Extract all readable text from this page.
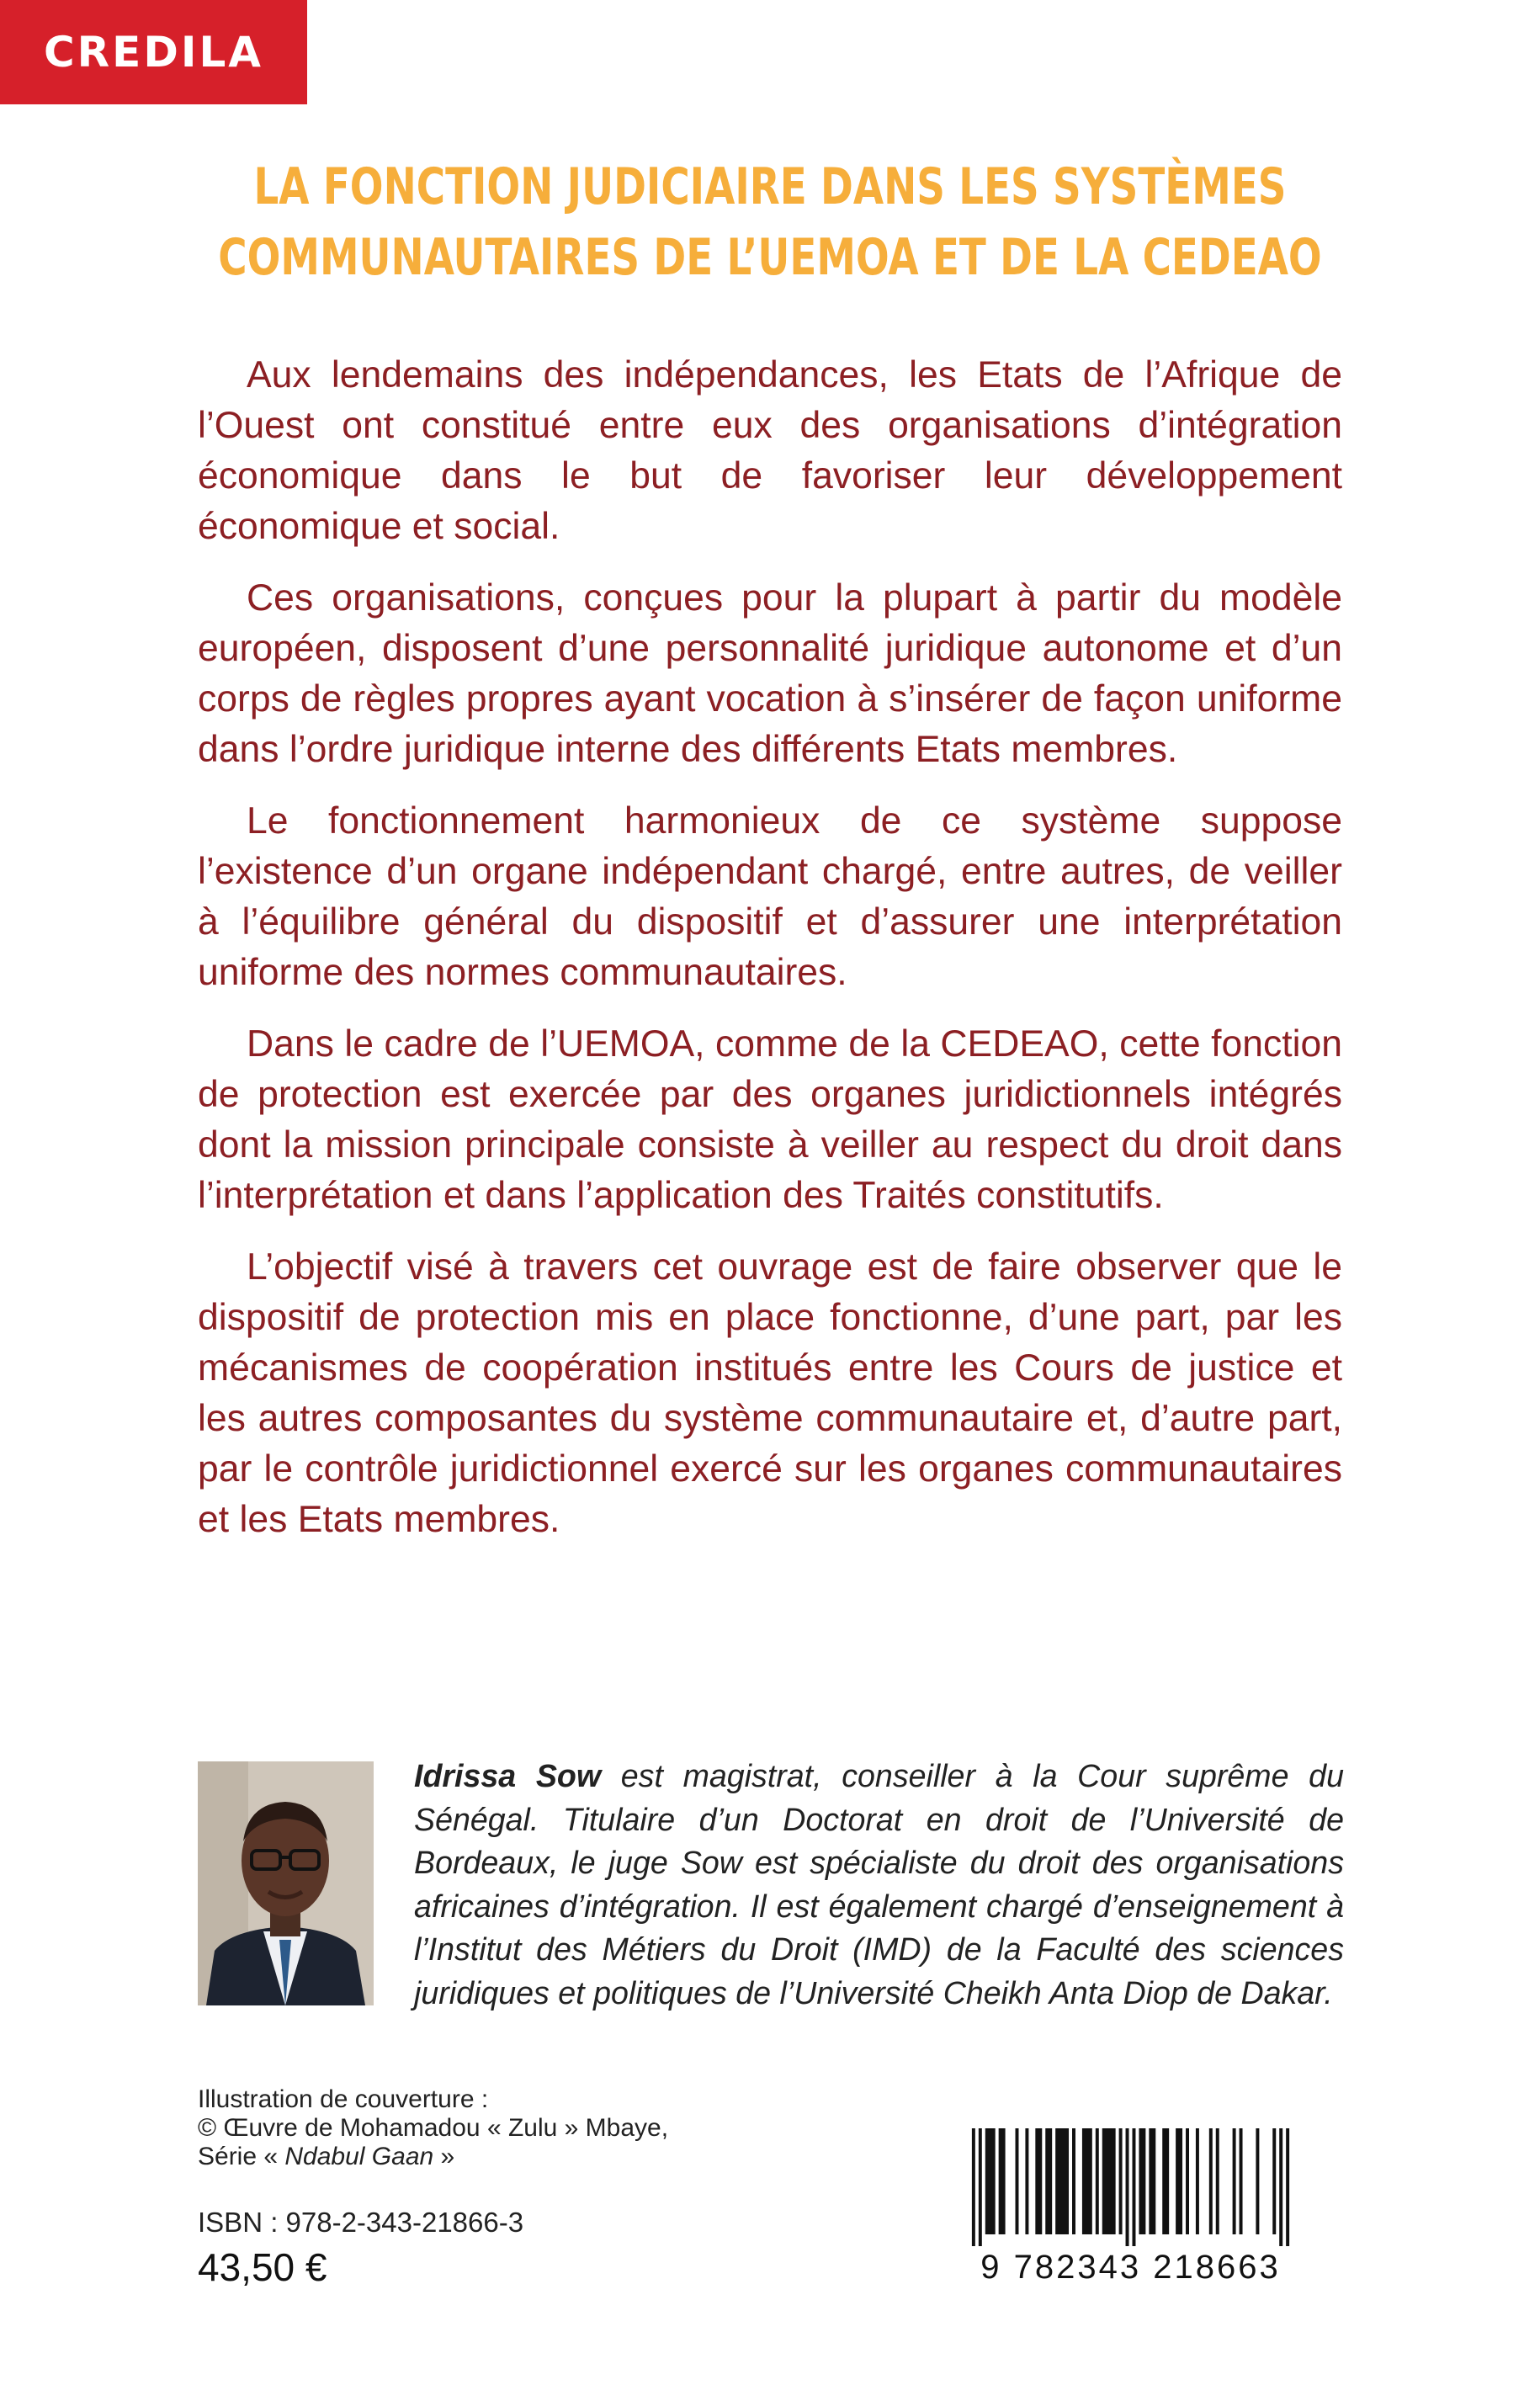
CREDILA
LA FONCTION JUDICIAIRE DANS LES SYSTÈMES
COMMUNAUTAIRES DE L’UEMOA ET DE LA CEDEAO

Aux lendemains des indépendances, les Etats de l’Afrique de l’Ouest ont constitué entre eux des organisations d’intégration économique dans le but de favoriser leur développement économique et social.

Ces organisations, conçues pour la plupart à partir du modèle européen, disposent d’une personnalité juridique autonome et d’un corps de règles propres ayant vocation à s’insérer de façon uniforme dans l’ordre juridique interne des différents Etats membres.

Le fonctionnement harmonieux de ce système suppose l’existence d’un organe indépendant chargé, entre autres, de veiller à l’équilibre général du dispositif et d’assurer une interprétation uniforme des normes communautaires.

Dans le cadre de l’UEMOA, comme de la CEDEAO, cette fonction de protection est exercée par des organes juridictionnels intégrés dont la mission principale consiste à veiller au respect du droit dans l’interprétation et dans l’application des Traités constitutifs.

L’objectif visé à travers cet ouvrage est de faire observer que le dispositif de protection mis en place fonctionne, d’une part, par les mécanismes de coopération institués entre les Cours de justice et les autres composantes du système communautaire et, d’autre part, par le contrôle juridictionnel exercé sur les organes communautaires et les Etats membres.

Idrissa Sow est magistrat, conseiller à la Cour suprême du Sénégal. Titulaire d’un Doctorat en droit de l’Université de Bordeaux, le juge Sow est spécialiste du droit des organisations africaines d’intégration. Il est également chargé d’enseignement à l’Institut des Métiers du Droit (IMD) de la Faculté des sciences juridiques et politiques de l’Université Cheikh Anta Diop de Dakar.
Illustration de couverture :
© Œuvre de Mohamadou « Zulu » Mbaye,
Série « Ndabul Gaan »
ISBN : 978-2-343-21866-3
43,50 €	9 782343 218663
